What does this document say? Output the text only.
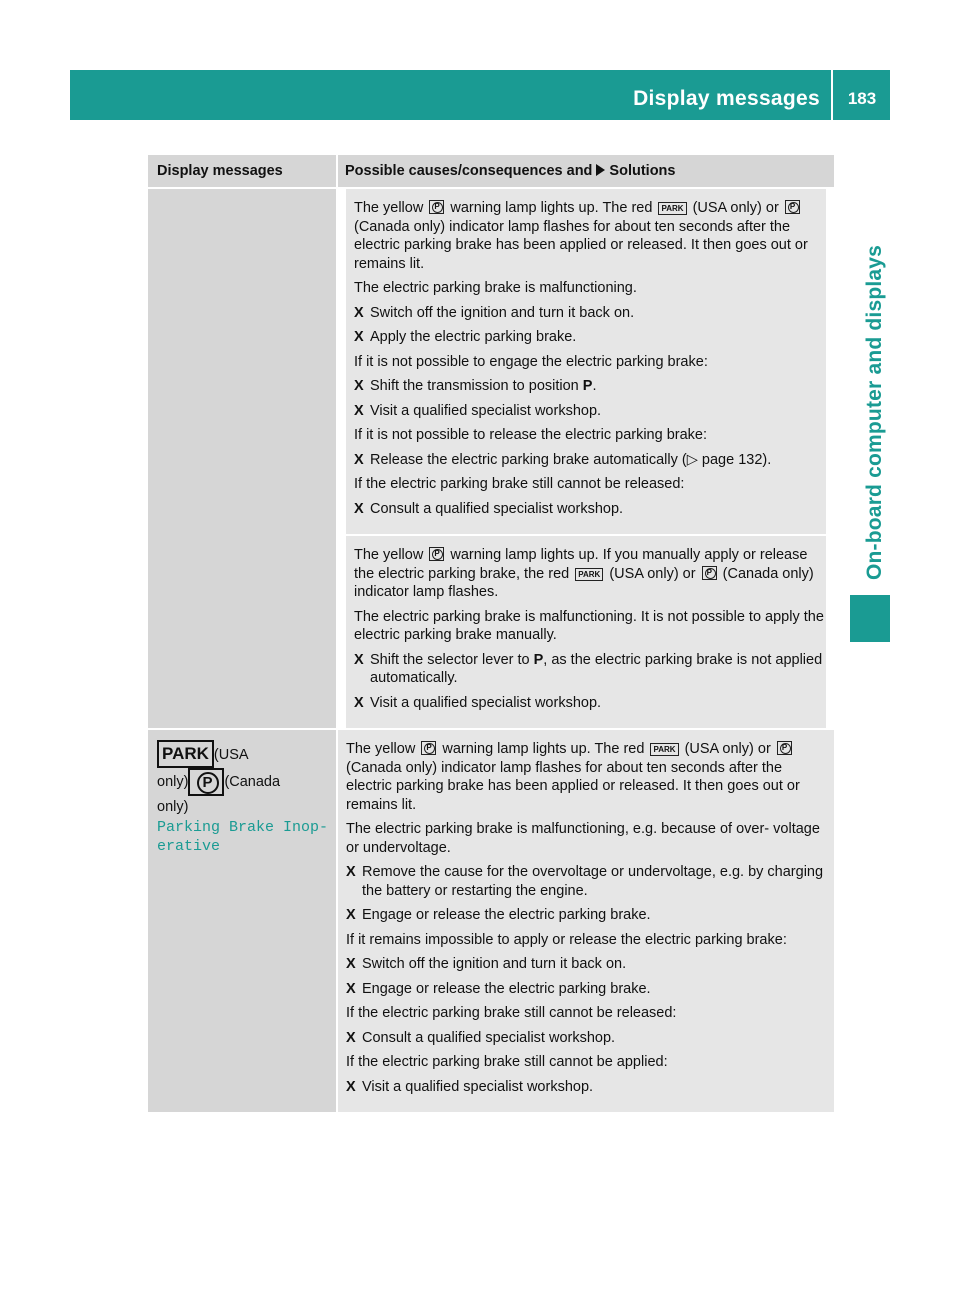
Display messages	183
On-board computer and displays
Display messages	Possible causes/consequences and Solutions

The yellow P warning lamp lights up. The red PARK (USA only) or P (Canada only) indicator lamp flashes for about ten seconds after the electric parking brake has been applied or released. It then goes out or remains lit.

The electric parking brake is malfunctioning.

X Switch off the ignition and turn it back on.
X Apply the electric parking brake.

If it is not possible to engage the electric parking brake:

X Shift the transmission to position P.
X Visit a qualified specialist workshop.

If it is not possible to release the electric parking brake:

X Release the electric parking brake automatically (▷ page 132).

If the electric parking brake still cannot be released:

X Consult a qualified specialist workshop.

The yellow P warning lamp lights up. If you manually apply or release the electric parking brake, the red PARK (USA only) or P (Canada only) indicator lamp flashes.

The electric parking brake is malfunctioning. It is not possible to apply the electric parking brake manually.

X Shift the selector lever to P, as the electric parking brake is not applied automatically.
X Visit a qualified specialist workshop.
PARK (USA
only) P (Canada
only)
Parking Brake Inop‐ erative

The yellow P warning lamp lights up. The red PARK (USA only) or P (Canada only) indicator lamp flashes for about ten seconds after the electric parking brake has been applied or released. It then goes out or remains lit.

The electric parking brake is malfunctioning, e.g. because of over- voltage or undervoltage.

X Remove the cause for the overvoltage or undervoltage, e.g. by charging the battery or restarting the engine.
X Engage or release the electric parking brake.

If it remains impossible to apply or release the electric parking brake:

X Switch off the ignition and turn it back on.
X Engage or release the electric parking brake.

If the electric parking brake still cannot be released:

X Consult a qualified specialist workshop.

If the electric parking brake still cannot be applied:

X Visit a qualified specialist workshop.
